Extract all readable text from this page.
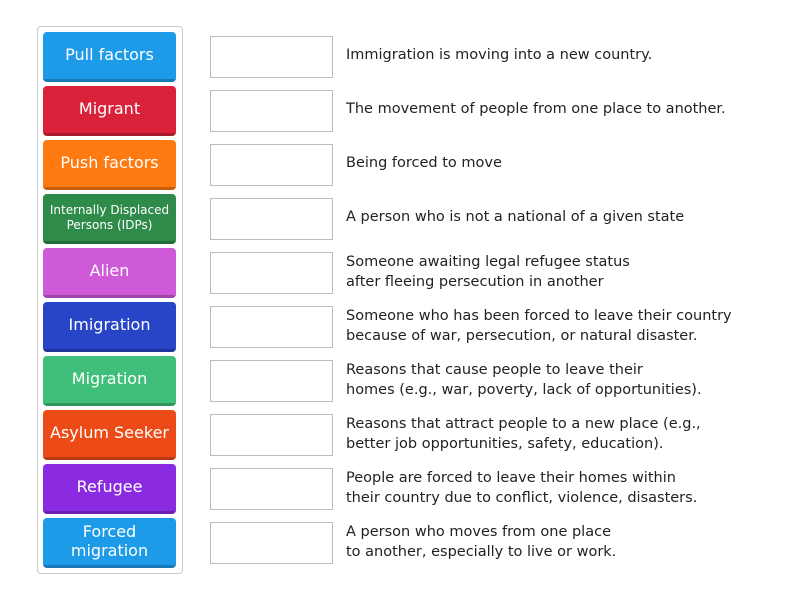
Pull factors
Migrant
Push factors
Internally Displaced Persons (IDPs)
Alien
Imigration
Migration
Asylum Seeker
Refugee
Forced migration
Immigration is moving into a new country.
The movement of people from one place to another.
Being forced to move
A person who is not a national of a given state
Someone awaiting legal refugee status
after fleeing persecution in another
Someone who has been forced to leave their country
because of war, persecution, or natural disaster.
Reasons that cause people to leave their
homes (e.g., war, poverty, lack of opportunities).
Reasons that attract people to a new place (e.g.,
better job opportunities, safety, education).
People are forced to leave their homes within
their country due to conflict, violence, disasters.
A person who moves from one place
to another, especially to live or work.
